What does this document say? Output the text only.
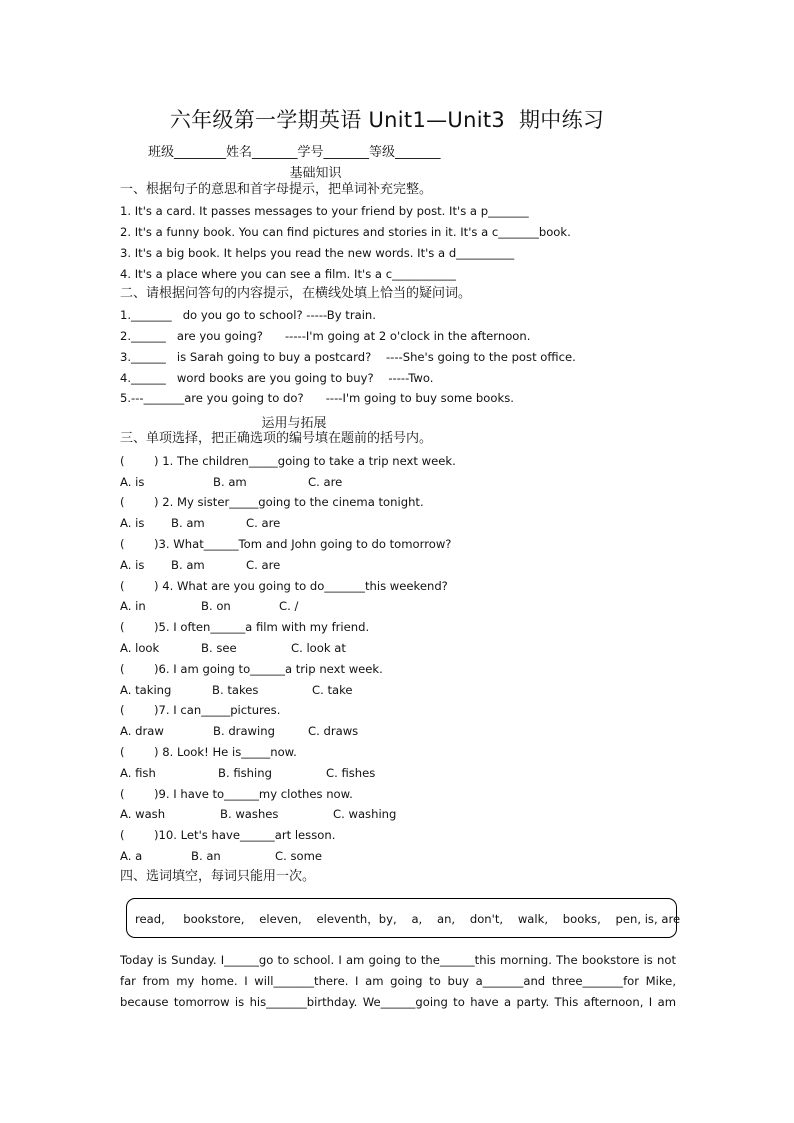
六年级第一学期英语 Unit1—Unit3  期中练习
班级________姓名_______学号_______等级_______
基础知识
一、根据句子的意思和首字母提示，把单词补充完整。
1. It's a card. It passes messages to your friend by post. It's a p_______
2. It's a funny book. You can find pictures and stories in it. It's a c_______book.
3. It's a big book. It helps you read the new words. It's a d__________
4. It's a place where you can see a film. It's a c___________
二、请根据问答句的内容提示，在横线处填上恰当的疑问词。
1._______   do you go to school? -----By train.
2.______   are you going?      -----I'm going at 2 o'clock in the afternoon.
3.______   is Sarah going to buy a postcard?    ----She's going to the post office.
4.______   word books are you going to buy?    -----Two.
5.---_______are you going to do?      ----I'm going to buy some books.
运用与拓展
三、单项选择，把正确选项的编号填在题前的括号内。
(        ) 1. The children_____going to take a trip next week.
A. is	B. am	C. are
(        ) 2. My sister_____going to the cinema tonight.
A. is B. am	C. are
(        )3. What______Tom and John going to do tomorrow?
A. is B. am	C. are
(        ) 4. What are you going to do_______this weekend?
A. in	B. on	C. /
(        )5. I often______a film with my friend.
A. look	B. see	C. look at
(        )6. I am going to______a trip next week.
A. taking	B. takes	C. take
(        )7. I can_____pictures.
A. draw	B. drawing	C. draws
(        ) 8. Look! He is_____now.
A. fish	B. fishing	C. fishes
(        )9. I have to______my clothes now.
A. wash	B. washes	C. washing
(        )10. Let's have______art lesson.
A. a	B. an	C. some
四、选词填空，每词只能用一次。
read,     bookstore,    eleven,    eleventh，by,    a,    an,    don't,    walk,    books,    pen, is, are
Today is Sunday. I______go to school. I am going to the______this morning. The bookstore is not
far from my home. I will_______there. I am going to buy a_______and three_______for Mike,
because tomorrow is his_______birthday. We______going to have a party. This afternoon, I am
